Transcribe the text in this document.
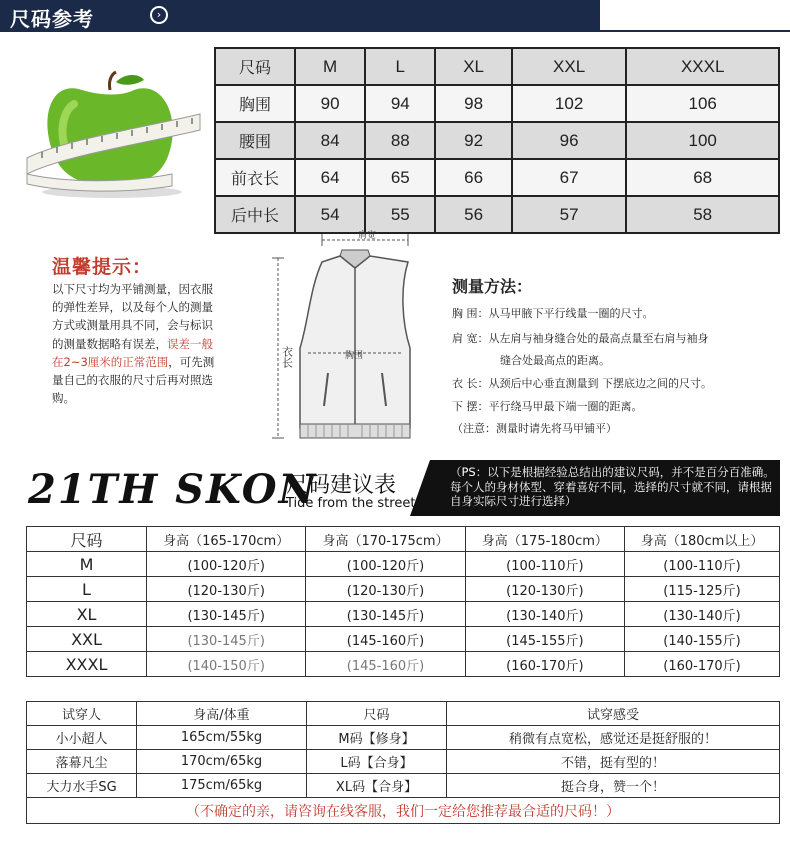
尺码参考	›
尺码	M	L	XL	XXL	XXXL
胸围	90	94	98	102	106
腰围	84	88	92	96	100
前衣长	64	65	66	67	68
后中长	54	55	56	57	58
温馨提示：
以下尺寸均为平铺测量，因衣服的弹性差异，以及每个人的测量方式或测量用具不同，会与标识的测量数据略有误差，误差一般在2~3厘米的正常范围，可先测量自己的衣服的尺寸后再对照选购。
肩宽
衣长	胸围
测量方法：
胸 围：从马甲腋下平行线量一圈的尺寸。
肩 宽：从左肩与袖身缝合处的最高点量至右肩与袖身
缝合处最高点的距离。
衣 长：从颈后中心垂直测量到 下摆底边之间的尺寸。
下 摆：平行绕马甲最下端一圈的距离。
（注意：测量时请先将马甲铺平）
21TH SKON
尺码建议表
Tide from the street
（PS：以下是根据经验总结出的建议尺码，并不是百分百准确。每个人的身材体型、穿着喜好不同，选择的尺寸就不同，请根据自身实际尺寸进行选择）
尺码	身高（165-170cm）	身高（170-175cm）	身高（175-180cm）	身高（180cm以上）
M	(100-120斤)	(100-120斤)	(100-110斤)	(100-110斤)
L	(120-130斤)	(120-130斤)	(120-130斤)	(115-125斤)
XL	(130-145斤)	(130-145斤)	(130-140斤)	(130-140斤)
XXL	(130-145斤)	(145-160斤)	(145-155斤)	(140-155斤)
XXXL	(140-150斤)	(145-160斤)	(160-170斤)	(160-170斤)
试穿人	身高/体重	尺码	试穿感受
小小超人	165cm/55kg	M码【修身】	稍微有点宽松，感觉还是挺舒服的！
落幕凡尘	170cm/65kg	L码【合身】	不错，挺有型的！
大力水手SG	175cm/65kg	XL码【合身】	挺合身，赞一个！
（不确定的亲，请咨询在线客服，我们一定给您推荐最合适的尺码！）			
